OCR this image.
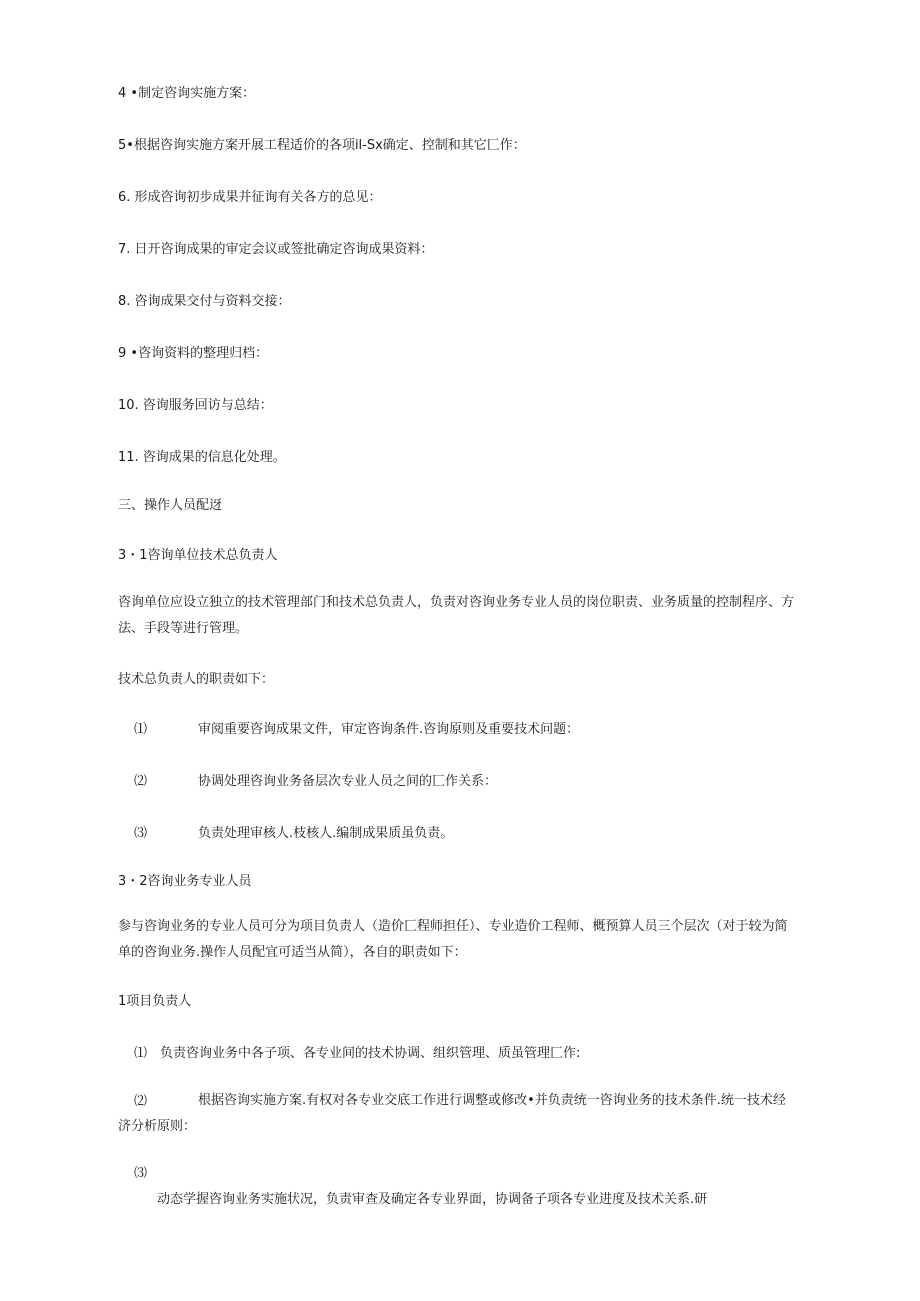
4 •制定咨询实施方案：
5•根据咨询实施方案开展工程适价的各项il-Sx确定、控制和其它匚作：
6. 形成咨询初步成果并征询有关各方的总见：
7. 日开咨询成果的审定会议或签批确定咨询成果资料：
8. 咨询成果交付与资料交接：
9 •咨询资料的整理归档：
10. 咨询服务回访与总结：
11. 咨询成果的信息化处理。
三、操作人员配迓
3・1咨询单位技术总负责人
咨询单位应设立独立的技术管理部门和技术总负责人，负责对咨询业务专业人员的岗位职责、业务质量的控制程序、方法、手段等进行管理。
技术总负责人的职责如下：
⑴	审阅重要咨询成果文件，审定咨询条件.咨询原则及重要技术问题：
⑵	协调处理咨询业务备层次专业人员之间的匚作关系：
⑶	负责处理审核人.枝核人.编制成果质虽负责。
3・2咨询业务专业人员
参与咨询业务的专业人员可分为项目负责人（造价匚程师担任）、专业造价工程师、概预算人员三个层次（对于较为简单的咨询业务.操作人员配宜可适当从简），各自的职责如下：
1项目负责人
⑴ 负责咨询业务中各子项、各专业间的技术协调、组织管理、质虽管理匚作:
⑵	根据咨询实施方案.有权对各专业交底工作进行调整或修改•并负责统一咨询业务的技术条件.统一技术经济分析原则：
⑶
动态学握咨询业务实施状况，负责审查及确定各专业界面，协调备子项各专业进度及技术关系.研
